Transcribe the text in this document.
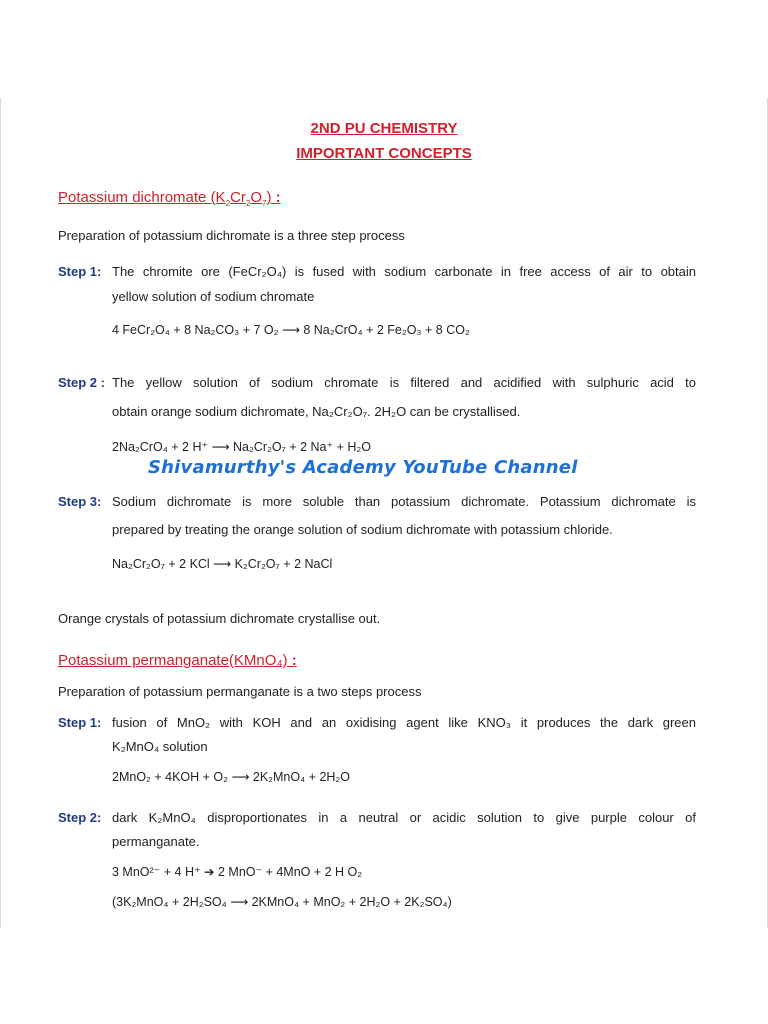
2ND PU CHEMISTRY
IMPORTANT CONCEPTS
Potassium dichromate $(K_2Cr_2O_7)$ :
Preparation of potassium dichromate is a three step process
Step 1: The chromite ore (FeCr₂O₄) is fused with sodium carbonate in free access of air to obtain
yellow solution of sodium chromate
4 FeCr₂O₄ + 8 Na₂CO₃ + 7 O₂ ⟶ 8 Na₂CrO₄ + 2 Fe₂O₃ + 8 CO₂
Step 2 : The yellow solution of sodium chromate is filtered and acidified with sulphuric acid to
obtain orange sodium dichromate, Na₂Cr₂O₇. 2H₂O can be crystallised.
2Na₂CrO₄ + 2 H⁺ ⟶ Na₂Cr₂O₇ + 2 Na⁺ + H₂O
Shivamurthy's Academy YouTube Channel
Step 3: Sodium dichromate is more soluble than potassium dichromate. Potassium dichromate is
prepared by treating the orange solution of sodium dichromate with potassium chloride.
Na₂Cr₂O₇ + 2 KCl ⟶ K₂Cr₂O₇ + 2 NaCl
Orange crystals of potassium dichromate crystallise out.
Potassium permanganate(KMnO₄) :
Preparation of potassium permanganate is a two steps process
Step 1: fusion of MnO₂ with KOH and an oxidising agent like KNO₃ it produces the dark green
K₂MnO₄ solution
2MnO₂ + 4KOH + O₂ ⟶ 2K₂MnO₄ + 2H₂O
Step 2: dark K₂MnO₄ disproportionates in a neutral or acidic solution to give purple colour of
permanganate.
3 MnO²⁻ + 4 H⁺ ➔ 2 MnO⁻ + 4MnO + 2 H O₂
(3K₂MnO₄ + 2H₂SO₄ ⟶ 2KMnO₄ + MnO₂ + 2H₂O + 2K₂SO₄)
